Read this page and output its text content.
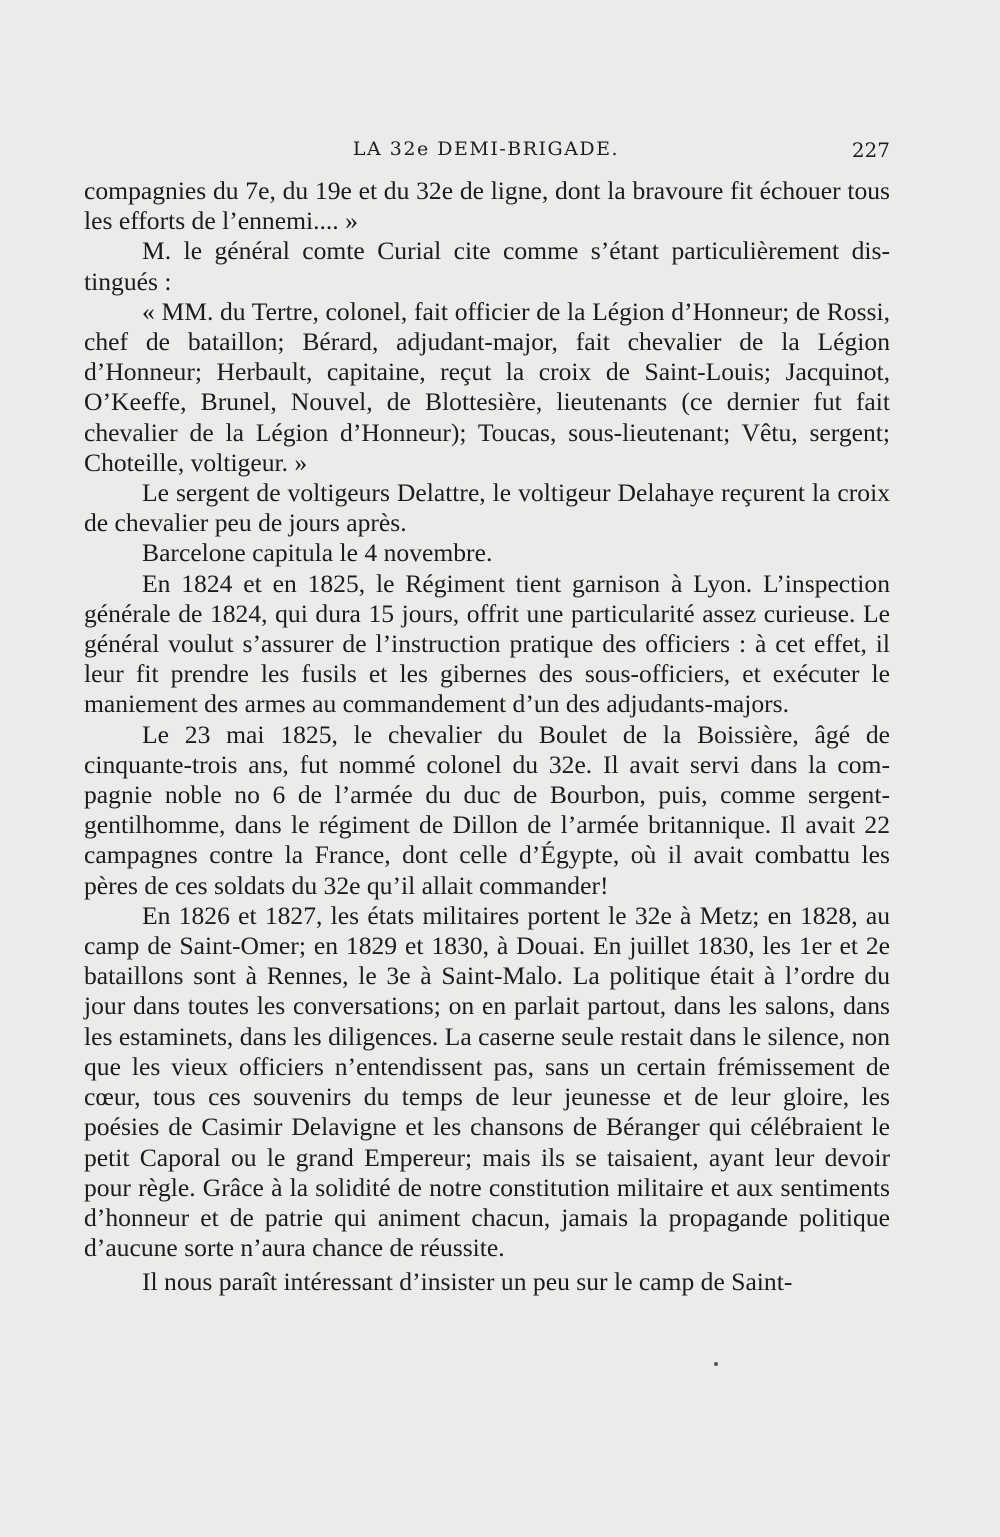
LA 32e DEMI-BRIGADE.	227

compagnies du 7e, du 19e et du 32e de ligne, dont la bravoure fit échouer tous les efforts de l’ennemi.... »

M. le général comte Curial cite comme s’étant particulièrement distingués :

« MM. du Tertre, colonel, fait officier de la Légion d’Honneur; de Rossi, chef de bataillon; Bérard, adjudant-major, fait chevalier de la Légion d’Honneur; Herbault, capitaine, reçut la croix de Saint-Louis; Jacquinot, O’Keeffe, Brunel, Nouvel, de Blottesière, lieutenants (ce dernier fut fait chevalier de la Légion d’Honneur); Toucas, sous-lieutenant; Vêtu, sergent; Choteille, voltigeur. »

Le sergent de voltigeurs Delattre, le voltigeur Delahaye reçurent la croix de chevalier peu de jours après.

Barcelone capitula le 4 novembre.

En 1824 et en 1825, le Régiment tient garnison à Lyon. L’inspection générale de 1824, qui dura 15 jours, offrit une particularité assez curieuse. Le général voulut s’assurer de l’instruction pratique des officiers : à cet effet, il leur fit prendre les fusils et les gibernes des sous-officiers, et exécuter le maniement des armes au commandement d’un des adjudants-majors.

Le 23 mai 1825, le chevalier du Boulet de la Boissière, âgé de cinquante-trois ans, fut nommé colonel du 32e. Il avait servi dans la compagnie noble no 6 de l’armée du duc de Bourbon, puis, comme sergent-gentilhomme, dans le régiment de Dillon de l’armée britannique. Il avait 22 campagnes contre la France, dont celle d’Égypte, où il avait combattu les pères de ces soldats du 32e qu’il allait commander!

En 1826 et 1827, les états militaires portent le 32e à Metz; en 1828, au camp de Saint-Omer; en 1829 et 1830, à Douai. En juillet 1830, les 1er et 2e bataillons sont à Rennes, le 3e à Saint-Malo. La politique était à l’ordre du jour dans toutes les conversations; on en parlait partout, dans les salons, dans les estaminets, dans les diligences. La caserne seule restait dans le silence, non que les vieux officiers n’entendissent pas, sans un certain frémissement de cœur, tous ces souvenirs du temps de leur jeunesse et de leur gloire, les poésies de Casimir Delavigne et les chansons de Béranger qui célébraient le petit Caporal ou le grand Empereur; mais ils se taisaient, ayant leur devoir pour règle. Grâce à la solidité de notre constitution militaire et aux sentiments d’honneur et de patrie qui animent chacun, jamais la propagande politique d’aucune sorte n’aura chance de réussite.

Il nous paraît intéressant d’insister un peu sur le camp de Saint-
